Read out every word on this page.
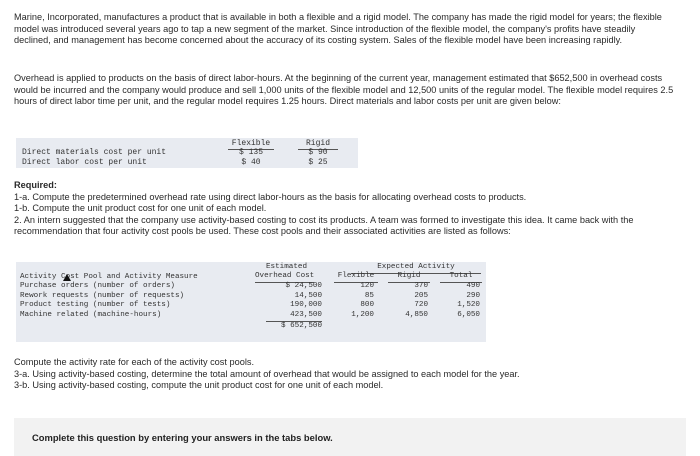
Marine, Incorporated, manufactures a product that is available in both a flexible and a rigid model. The company has made the rigid model for years; the flexible model was introduced several years ago to tap a new segment of the market. Since introduction of the flexible model, the company's profits have steadily declined, and management has become concerned about the accuracy of its costing system. Sales of the flexible model have been increasing rapidly.
Overhead is applied to products on the basis of direct labor-hours. At the beginning of the current year, management estimated that $652,500 in overhead costs would be incurred and the company would produce and sell 1,000 units of the flexible model and 12,500 units of the regular model. The flexible model requires 2.5 hours of direct labor time per unit, and the regular model requires 1.25 hours. Direct materials and labor costs per unit are given below:
Flexible	Rigid
Direct materials cost per unit	$ 135	$ 90
Direct labor cost per unit	$ 40	$ 25
Required:
1-a. Compute the predetermined overhead rate using direct labor-hours as the basis for allocating overhead costs to products.
1-b. Compute the unit product cost for one unit of each model.
2. An intern suggested that the company use activity-based costing to cost its products. A team was formed to investigate this idea. It came back with the recommendation that four activity cost pools be used. These cost pools and their associated activities are listed as follows:
Estimated	Expected Activity
Activity Cost Pool and Activity Measure	Overhead Cost	Flexible	Rigid	Total
Purchase orders (number of orders)	$ 24,500	120	370	490
Rework requests (number of requests)	14,500	85	205	290
Product testing (number of tests)	190,000	800	720	1,520
Machine related (machine-hours)	423,500	1,200	4,850	6,050
$ 652,500
Compute the activity rate for each of the activity cost pools.
3-a. Using activity-based costing, determine the total amount of overhead that would be assigned to each model for the year.
3-b. Using activity-based costing, compute the unit product cost for one unit of each model.
Complete this question by entering your answers in the tabs below.
